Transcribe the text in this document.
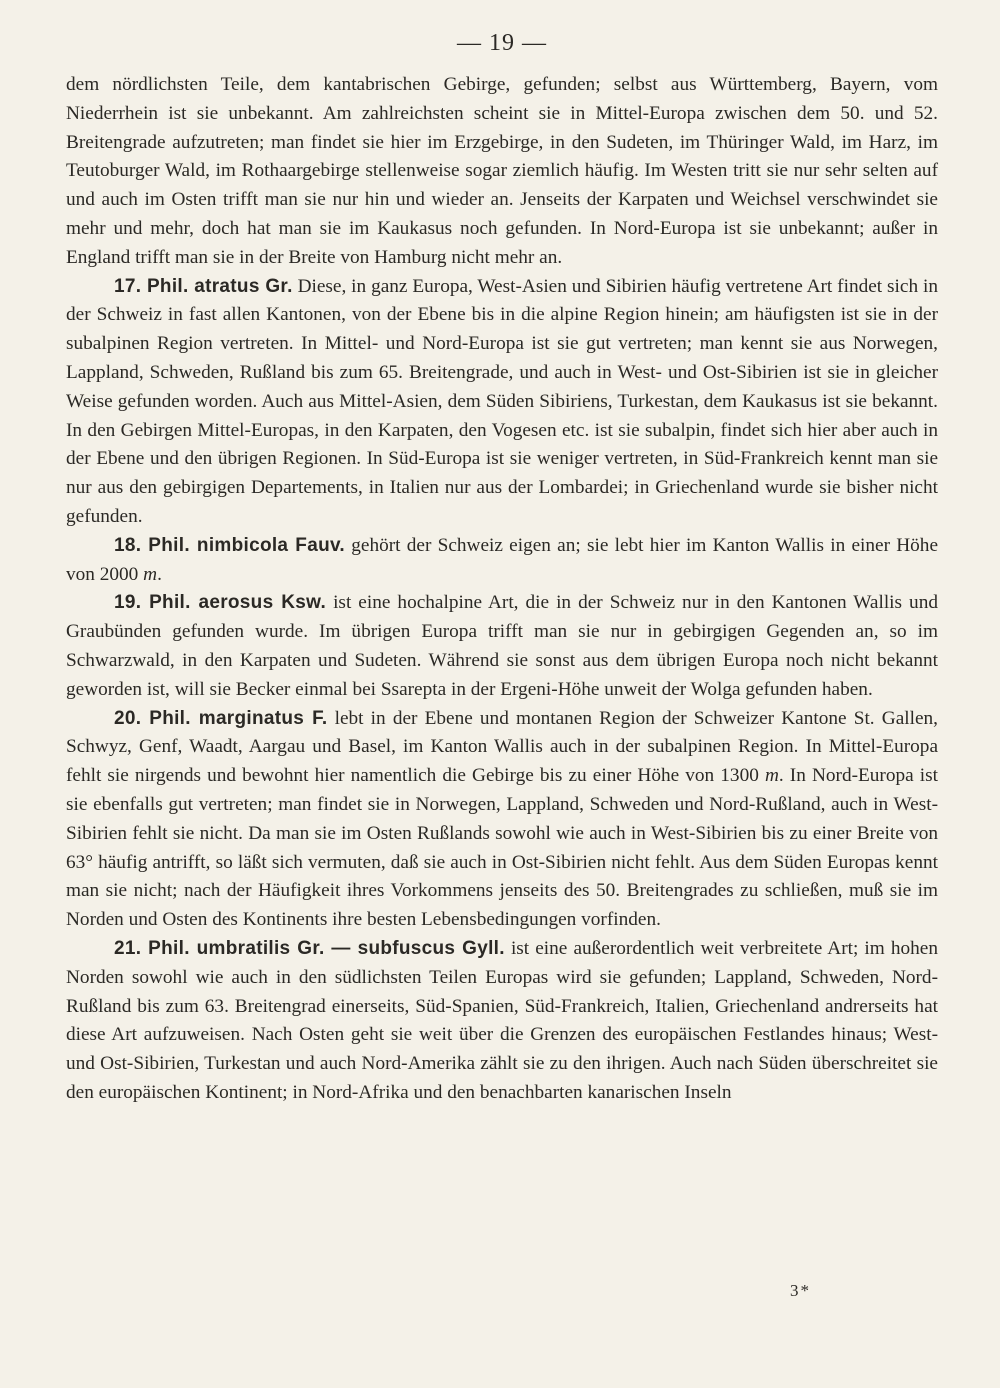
— 19 —

dem nördlichsten Teile, dem kantabrischen Gebirge, gefunden; selbst aus Württemberg, Bayern, vom Niederrhein ist sie unbekannt. Am zahlreichsten scheint sie in Mittel-Europa zwischen dem 50. und 52. Breitengrade aufzutreten; man findet sie hier im Erzgebirge, in den Sudeten, im Thüringer Wald, im Harz, im Teutoburger Wald, im Rothaargebirge stellenweise sogar ziemlich häufig. Im Westen tritt sie nur sehr selten auf und auch im Osten trifft man sie nur hin und wieder an. Jenseits der Karpaten und Weichsel verschwindet sie mehr und mehr, doch hat man sie im Kaukasus noch gefunden. In Nord-Europa ist sie unbekannt; außer in England trifft man sie in der Breite von Hamburg nicht mehr an.

17. Phil. atratus Gr. Diese, in ganz Europa, West-Asien und Sibirien häufig vertretene Art findet sich in der Schweiz in fast allen Kantonen, von der Ebene bis in die alpine Region hinein; am häufigsten ist sie in der subalpinen Region vertreten. In Mittel- und Nord-Europa ist sie gut vertreten; man kennt sie aus Norwegen, Lappland, Schweden, Rußland bis zum 65. Breitengrade, und auch in West- und Ost-Sibirien ist sie in gleicher Weise gefunden worden. Auch aus Mittel-Asien, dem Süden Sibiriens, Turkestan, dem Kaukasus ist sie bekannt. In den Gebirgen Mittel-Europas, in den Karpaten, den Vogesen etc. ist sie subalpin, findet sich hier aber auch in der Ebene und den übrigen Regionen. In Süd-Europa ist sie weniger vertreten, in Süd-Frankreich kennt man sie nur aus den gebirgigen Departements, in Italien nur aus der Lombardei; in Griechenland wurde sie bisher nicht gefunden.

18. Phil. nimbicola Fauv. gehört der Schweiz eigen an; sie lebt hier im Kanton Wallis in einer Höhe von 2000 m.

19. Phil. aerosus Ksw. ist eine hochalpine Art, die in der Schweiz nur in den Kantonen Wallis und Graubünden gefunden wurde. Im übrigen Europa trifft man sie nur in gebirgigen Gegenden an, so im Schwarzwald, in den Karpaten und Sudeten. Während sie sonst aus dem übrigen Europa noch nicht bekannt geworden ist, will sie Becker einmal bei Ssarepta in der Ergeni-Höhe unweit der Wolga gefunden haben.

20. Phil. marginatus F. lebt in der Ebene und montanen Region der Schweizer Kantone St. Gallen, Schwyz, Genf, Waadt, Aargau und Basel, im Kanton Wallis auch in der subalpinen Region. In Mittel-Europa fehlt sie nirgends und bewohnt hier namentlich die Gebirge bis zu einer Höhe von 1300 m. In Nord-Europa ist sie ebenfalls gut vertreten; man findet sie in Norwegen, Lappland, Schweden und Nord-Rußland, auch in West-Sibirien fehlt sie nicht. Da man sie im Osten Rußlands sowohl wie auch in West-Sibirien bis zu einer Breite von 63° häufig antrifft, so läßt sich vermuten, daß sie auch in Ost-Sibirien nicht fehlt. Aus dem Süden Europas kennt man sie nicht; nach der Häufigkeit ihres Vorkommens jenseits des 50. Breitengrades zu schließen, muß sie im Norden und Osten des Kontinents ihre besten Lebensbedingungen vorfinden.

21. Phil. umbratilis Gr. — subfuscus Gyll. ist eine außerordentlich weit verbreitete Art; im hohen Norden sowohl wie auch in den südlichsten Teilen Europas wird sie gefunden; Lappland, Schweden, Nord-Rußland bis zum 63. Breitengrad einerseits, Süd-Spanien, Süd-Frankreich, Italien, Griechenland andrerseits hat diese Art aufzuweisen. Nach Osten geht sie weit über die Grenzen des europäischen Festlandes hinaus; West- und Ost-Sibirien, Turkestan und auch Nord-Amerika zählt sie zu den ihrigen. Auch nach Süden überschreitet sie den europäischen Kontinent; in Nord-Afrika und den benachbarten kanarischen Inseln

3*
